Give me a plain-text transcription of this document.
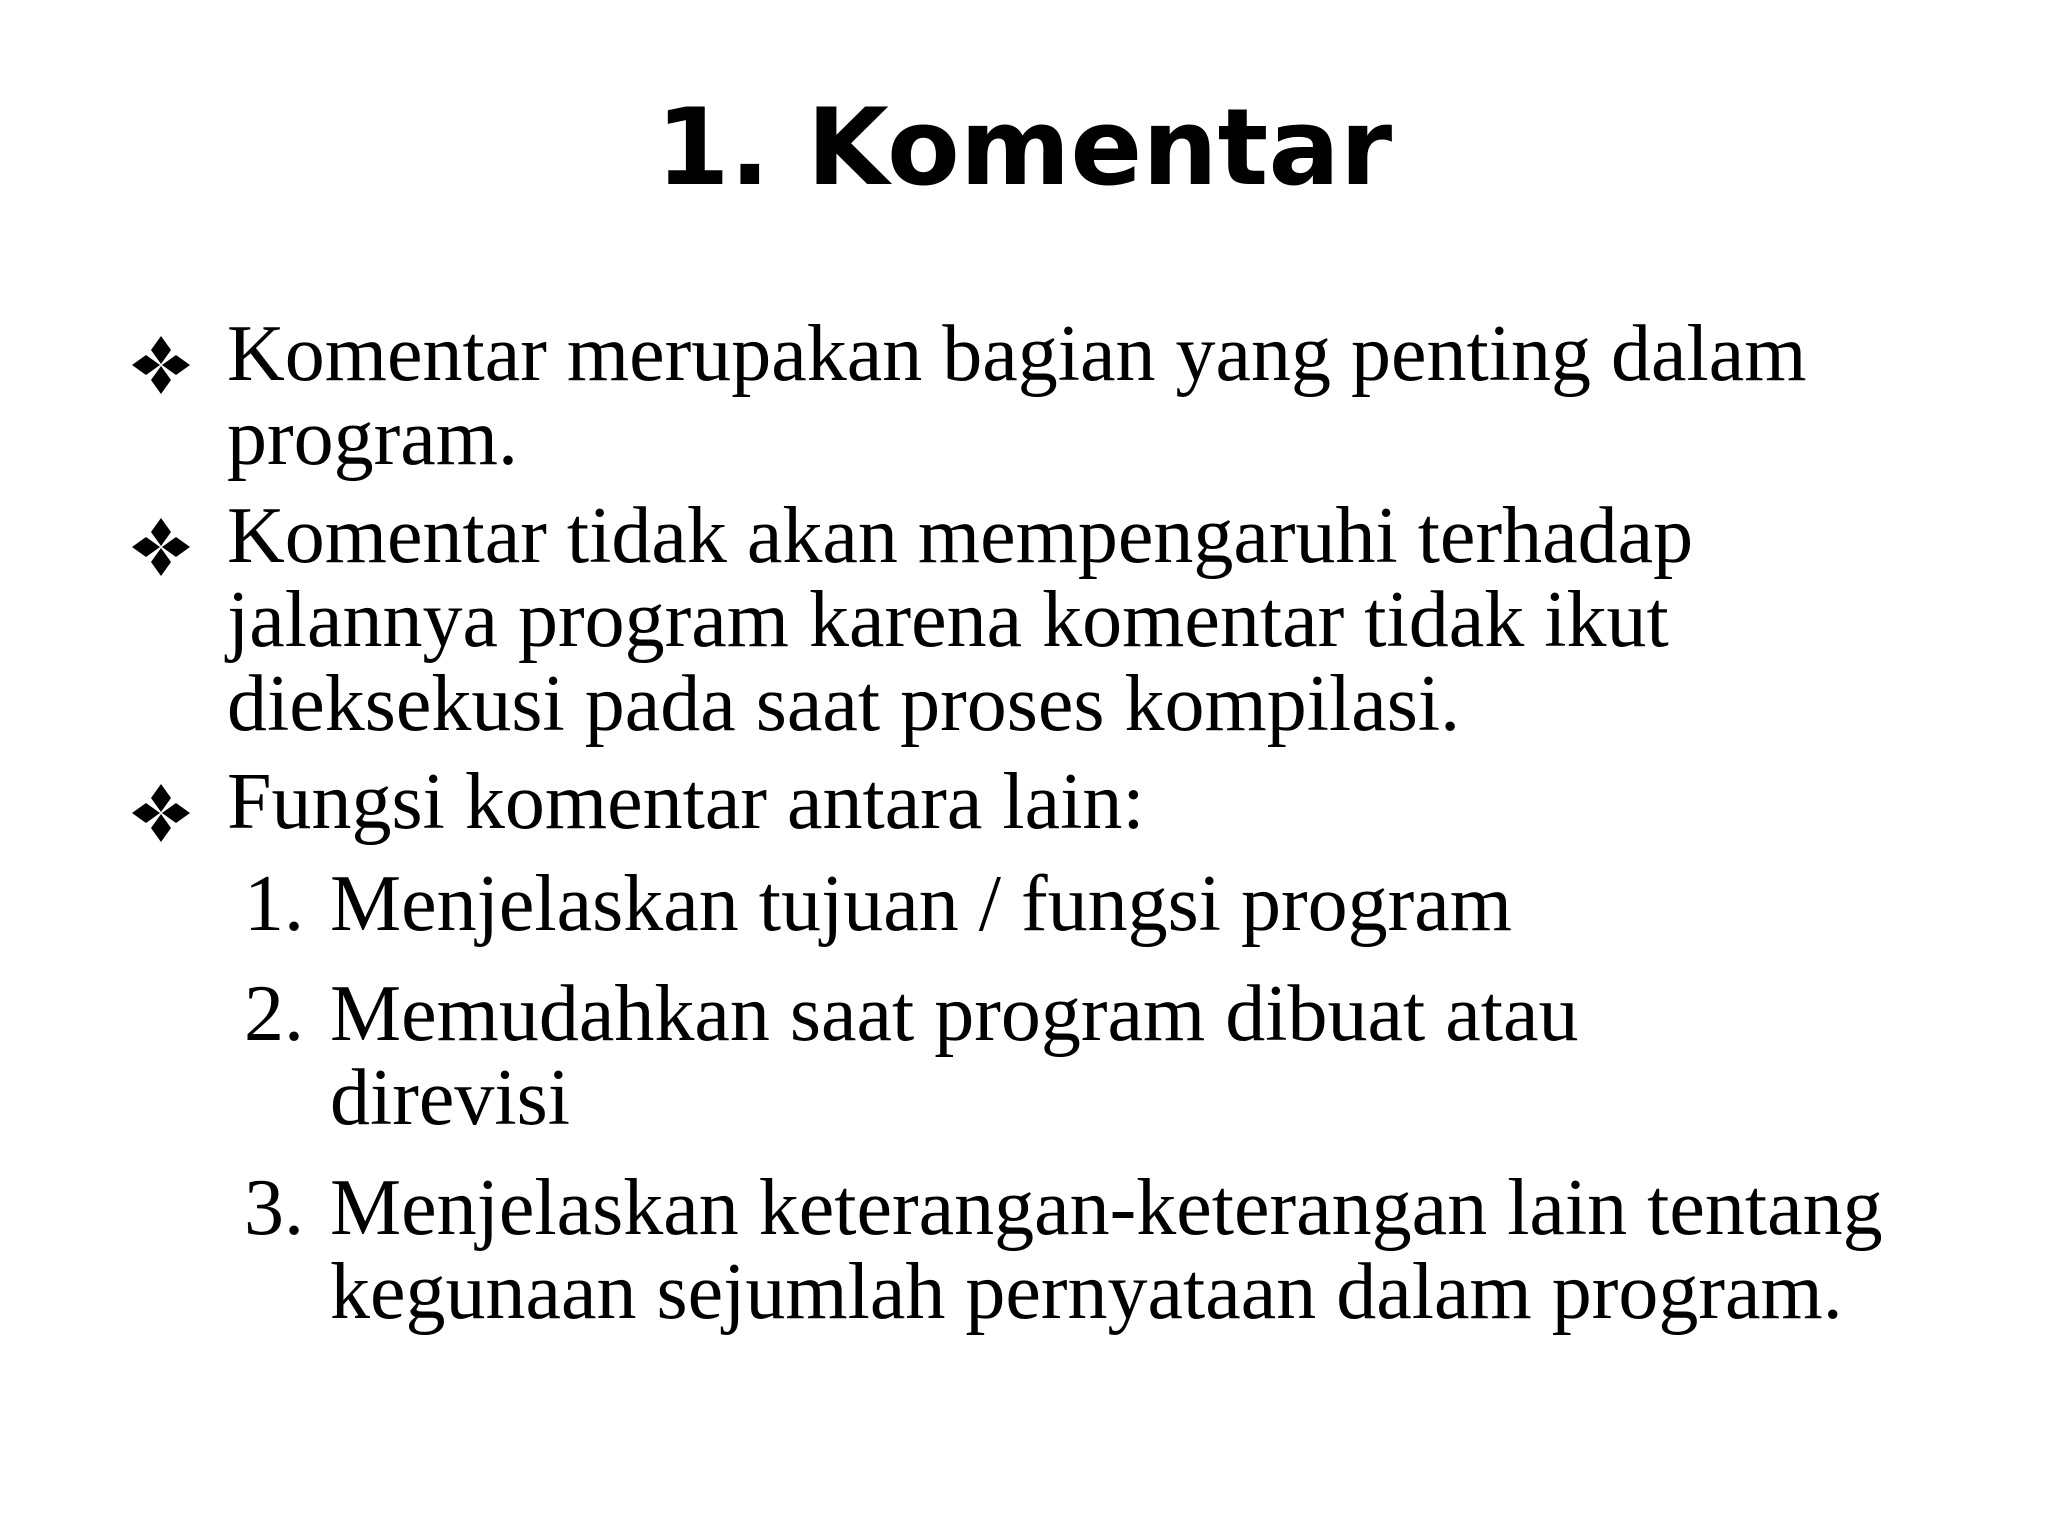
1. Komentar
Komentar merupakan bagian yang penting dalam program.
Komentar tidak akan mempengaruhi terhadap jalannya program karena komentar tidak ikut dieksekusi pada saat proses kompilasi.
Fungsi komentar antara lain:
1. Menjelaskan tujuan / fungsi program
2. Memudahkan saat program dibuat atau direvisi
3. Menjelaskan keterangan-keterangan lain tentang kegunaan sejumlah pernyataan dalam program.
